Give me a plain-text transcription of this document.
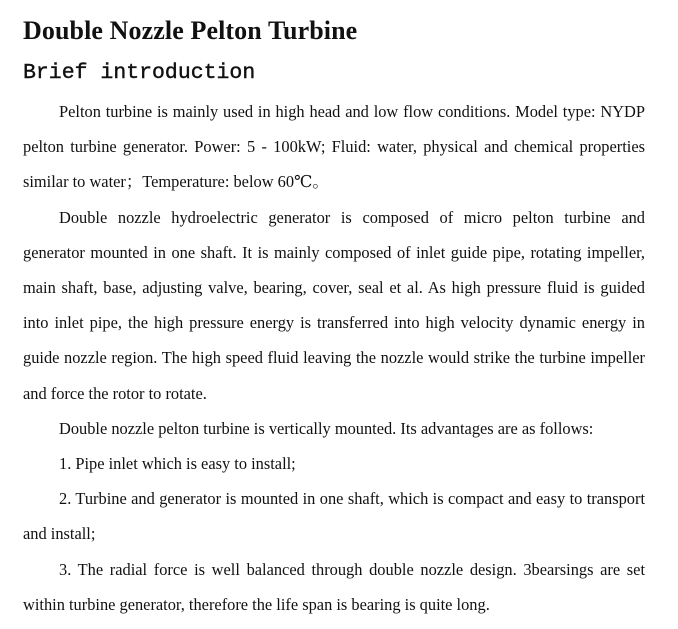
Double Nozzle Pelton Turbine
Brief introduction

Pelton turbine is mainly used in high head and low flow conditions. Model type: NYDP pelton turbine generator. Power: 5 - 100kW; Fluid: water, physical and chemical properties similar to water；Temperature: below 60℃。

Double nozzle hydroelectric generator is composed of micro pelton turbine and generator mounted in one shaft. It is mainly composed of inlet guide pipe, rotating impeller, main shaft, base, adjusting valve, bearing, cover, seal et al. As high pressure fluid is guided into inlet pipe, the high pressure energy is transferred into high velocity dynamic energy in guide nozzle region. The high speed fluid leaving the nozzle would strike the turbine impeller and force the rotor to rotate.

Double nozzle pelton turbine is vertically mounted. Its advantages are as follows:

1. Pipe inlet which is easy to install;

2. Turbine and generator is mounted in one shaft, which is compact and easy to transport and install;

3. The radial force is well balanced through double nozzle design. 3bearsings are set within turbine generator, therefore the life span is bearing is quite long.
